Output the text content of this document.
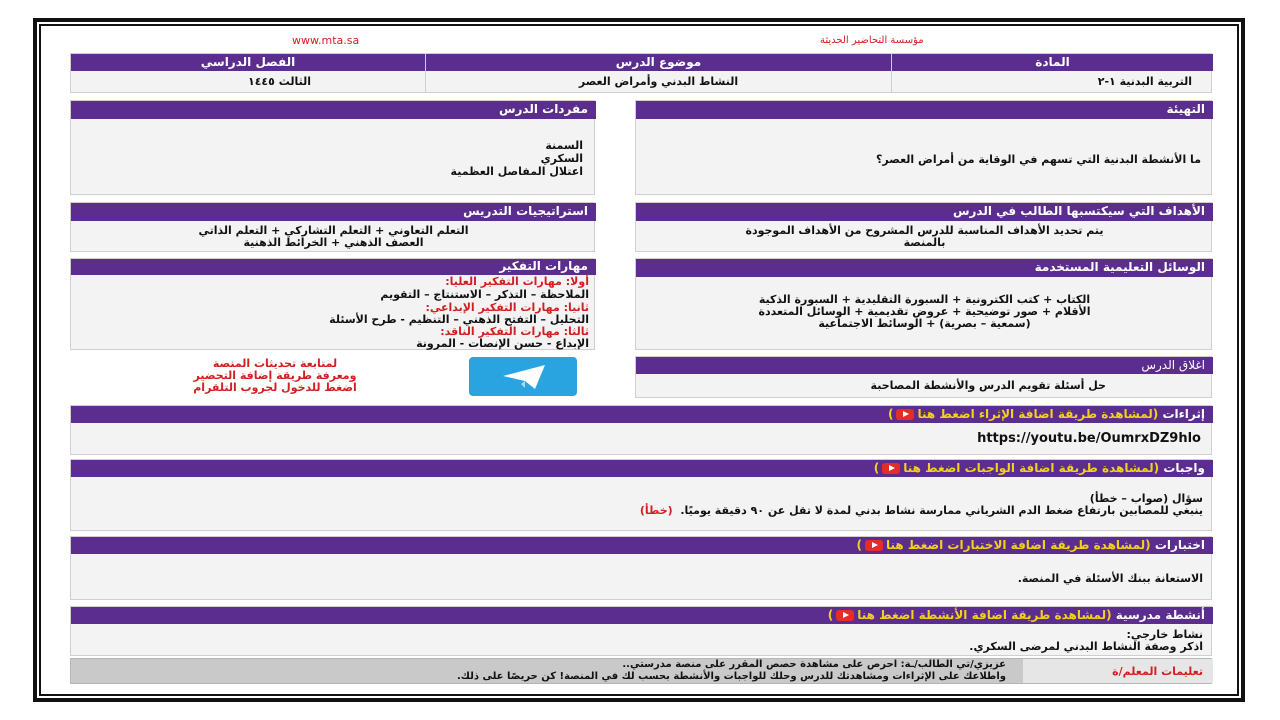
www.mta.sa	مؤسسة التحاضير الحديثة
المادة
موضوع الدرس
الفصل الدراسي
التربية البدنية ١-٢
النشاط البدني وأمراض العصر
الثالث ١٤٤٥
التهيئة
ما الأنشطة البدنية التي تسهم في الوقاية من أمراض العصر؟
مفردات الدرس
السمنة
السكري
اعتلال المفاصل العظمية
الأهداف التي سيكتسبها الطالب في الدرس
يتم تحديد الأهداف المناسبة للدرس المشروح من الأهداف الموجودة
بالمنصة
استراتيجيات التدريس
التعلم التعاوني + التعلم التشاركي + التعلم الذاتي
العصف الذهني + الخرائط الذهنية
الوسائل التعليمية المستخدمة
الكتاب + كتب الكترونية + السبورة التقليدية + السبورة الذكية
الأقلام + صور توضيحية + عروض تقديمية + الوسائل المتعددة
(سمعية – بصرية) + الوسائط الاجتماعية
مهارات التفكير
أولا: مهارات التفكير العليا:
الملاحظة – التذكر – الاستنتاج – التقويم
ثانيا: مهارات التفكير الإبداعي:
التحليل – التفتح الذهني – التنظيم - طرح الأسئلة
ثالثا: مهارات التفكير الناقد:
الإبداع - حسن الإنصات - المرونة
لمتابعة تحديثات المنصة
ومعرفة طريقة إضافة التحضير
اضغط للدخول لجروب التلقرام
اغلاق الدرس
حل أسئلة تقويم الدرس والأنشطة المصاحبة
إثراءات (لمشاهدة طريقة اضافة الإثراء اضغط هنا)
https://youtu.be/OumrxDZ9hlo
واجبات (لمشاهدة طريقة اضافة الواجبات اضغط هنا)
سؤال (صواب – خطأ)
ينبغي للمصابين بارتفاع ضغط الدم الشرياني ممارسة نشاط بدني لمدة لا تقل عن ٩٠ دقيقة يوميًا.  (خطأ)
اختبارات (لمشاهدة طريقة اضافة الاختبارات اضغط هنا)
الاستعانة ببنك الأسئلة في المنصة.
أنشطة مدرسية (لمشاهدة طريقة اضافة الأنشطة اضغط هنا)
نشاط خارجي:
اذكر وصفة النشاط البدني لمرضى السكري.
تعليمات المعلم/ة
عزيزي/تي الطالب/ـة: احرص على مشاهدة حصص المقرر على منصة مدرستي..
واطلاعك على الإثراءات ومشاهدتك للدرس وحلك للواجبات والأنشطة بحسب لك في المنصة! كن حريصًا على ذلك.
